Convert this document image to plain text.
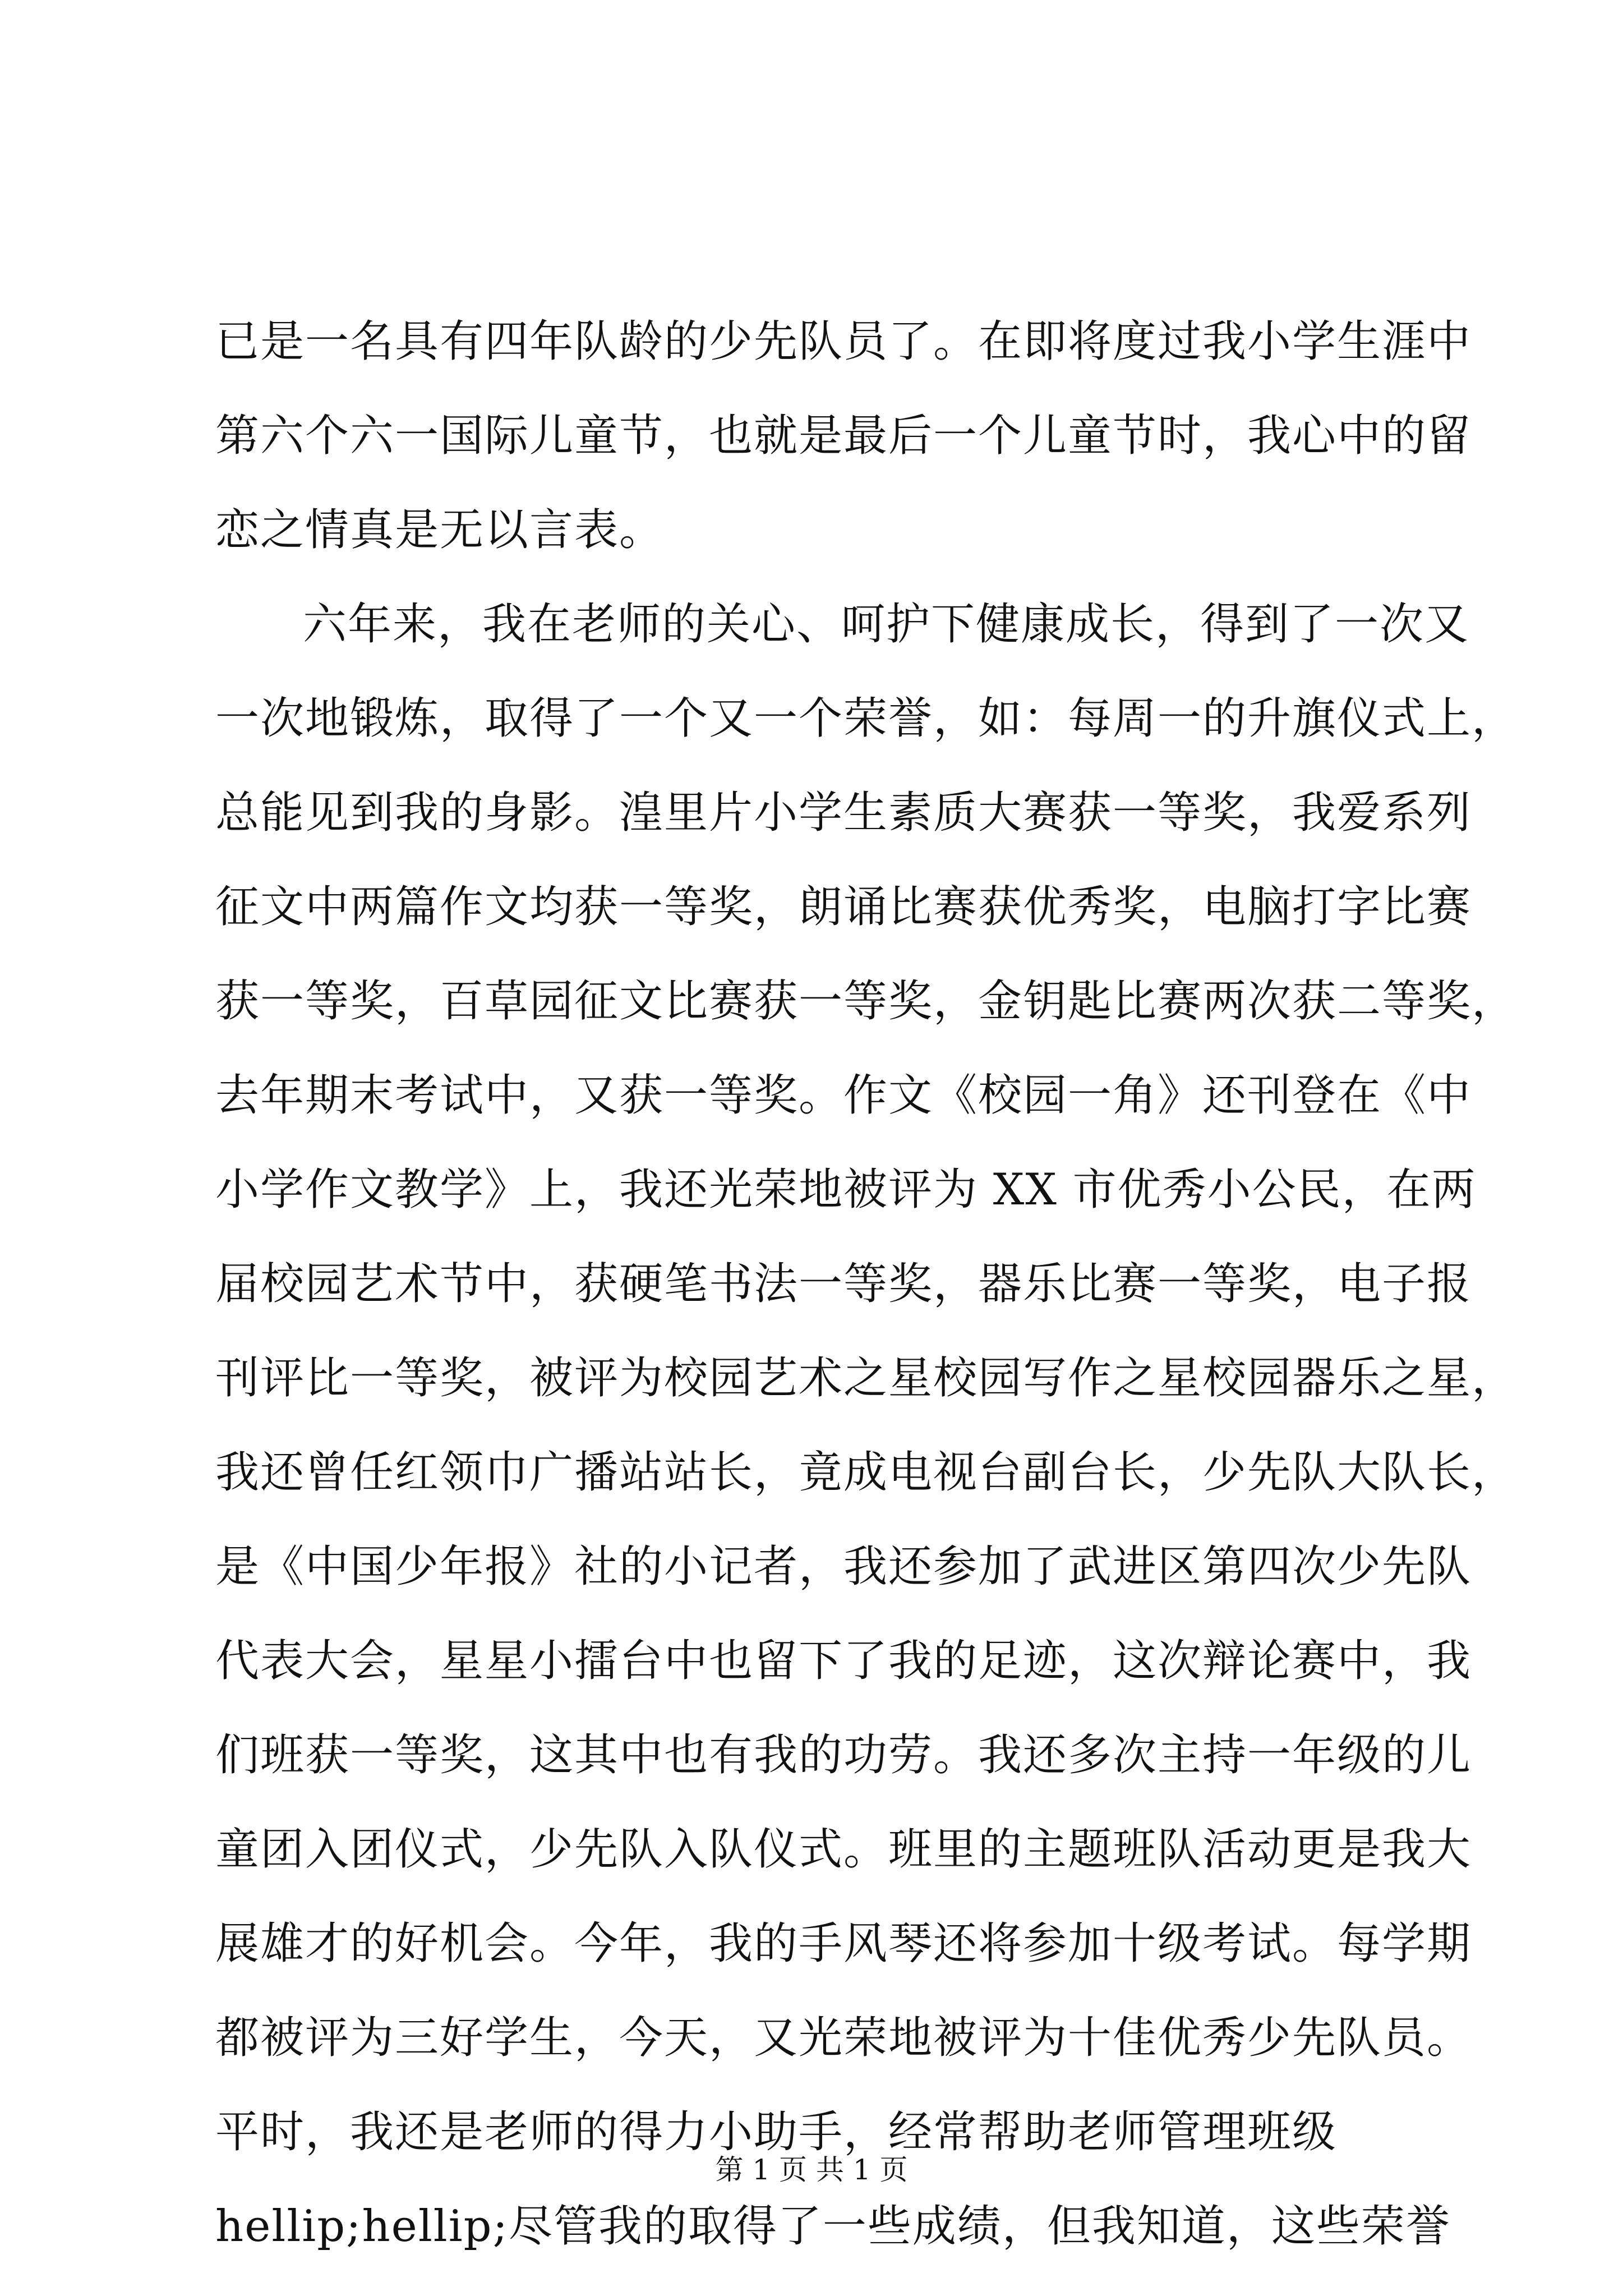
已是一名具有四年队龄的少先队员了。在即将度过我小学生涯中
第六个六一国际儿童节，也就是最后一个儿童节时，我心中的留
恋之情真是无以言表。
六年来，我在老师的关心、呵护下健康成长，得到了一次又
一次地锻炼，取得了一个又一个荣誉，如：每周一的升旗仪式上，
总能见到我的身影。湟里片小学生素质大赛获一等奖，我爱系列
征文中两篇作文均获一等奖，朗诵比赛获优秀奖，电脑打字比赛
获一等奖，百草园征文比赛获一等奖，金钥匙比赛两次获二等奖，
去年期末考试中，又获一等奖。作文《校园一角》还刊登在《中
小学作文教学》上，我还光荣地被评为 XX 市优秀小公民，在两
届校园艺术节中，获硬笔书法一等奖，器乐比赛一等奖，电子报
刊评比一等奖，被评为校园艺术之星校园写作之星校园器乐之星，
我还曾任红领巾广播站站长，竟成电视台副台长，少先队大队长，
是《中国少年报》社的小记者，我还参加了武进区第四次少先队
代表大会，星星小擂台中也留下了我的足迹，这次辩论赛中，我
们班获一等奖，这其中也有我的功劳。我还多次主持一年级的儿
童团入团仪式，少先队入队仪式。班里的主题班队活动更是我大
展雄才的好机会。今年，我的手风琴还将参加十级考试。每学期
都被评为三好学生，今天，又光荣地被评为十佳优秀少先队员。
平时，我还是老师的得力小助手，经常帮助老师管理班级
hellip;hellip;尽管我的取得了一些成绩，但我知道，这些荣誉
第 1 页 共 1 页
